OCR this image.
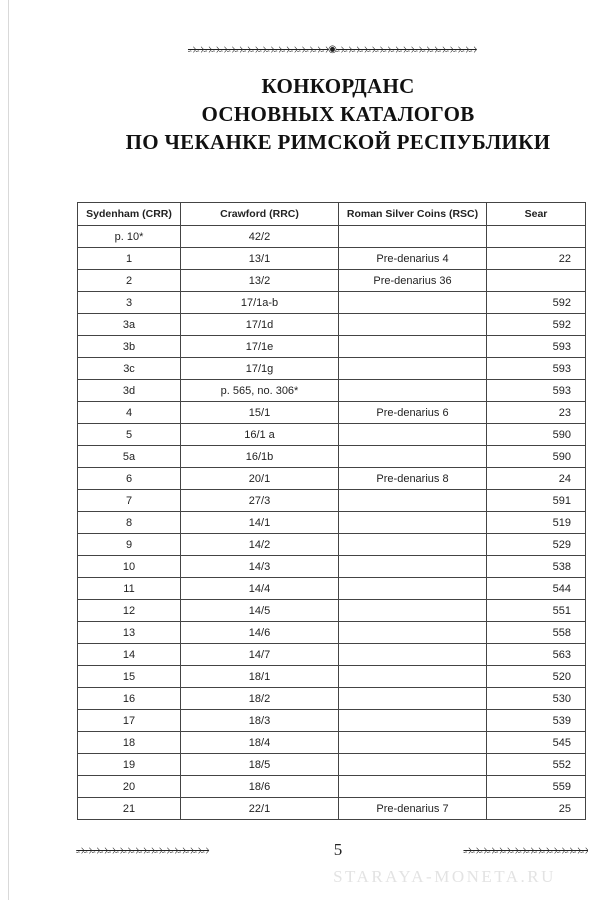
⭌⭌⭌⭌⭌⭌⭌⭌⭌⭌⭌⭌⭌⭌⭌⭌⭌⭌◉⭌⭌⭌⭌⭌⭌⭌⭌⭌⭌⭌⭌⭌⭌⭌⭌⭌⭌
КОНКОРДАНС
ОСНОВНЫХ КАТАЛОГОВ
ПО ЧЕКАНКЕ РИМСКОЙ РЕСПУБЛИКИ
Sydenham (CRR)	Crawford (RRC)	Roman Silver Coins (RSC)	Sear
p. 10*	42/2		
1	13/1	Pre-denarius 4	22
2	13/2	Pre-denarius 36	
3	17/1a-b		592
3a	17/1d		592
3b	17/1e		593
3c	17/1g		593
3d	p. 565, no. 306*		593
4	15/1	Pre-denarius 6	23
5	16/1 a		590
5a	16/1b		590
6	20/1	Pre-denarius 8	24
7	27/3		591
8	14/1		519
9	14/2		529
10	14/3		538
11	14/4		544
12	14/5		551
13	14/6		558
14	14/7		563
15	18/1		520
16	18/2		530
17	18/3		539
18	18/4		545
19	18/5		552
20	18/6		559
21	22/1	Pre-denarius 7	25
⭌⭌⭌⭌⭌⭌⭌⭌⭌⭌⭌⭌⭌⭌⭌⭌⭌	5	⭌⭌⭌⭌⭌⭌⭌⭌⭌⭌⭌⭌⭌⭌⭌⭌
STARAYA-MONETA.RU
